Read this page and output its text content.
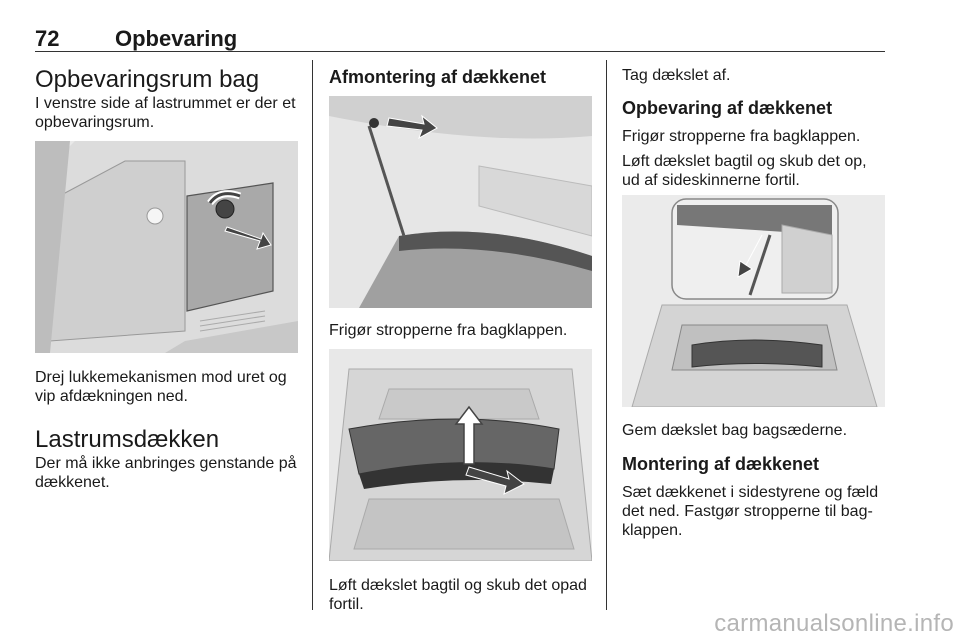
72	Opbevaring
Opbevaringsrum bag

I venstre side af lastrummet er der et opbevaringsrum.

Drej lukkemekanismen mod uret og vip afdækningen ned.

Lastrumsdækken

Der må ikke anbringes genstande på dækkenet.

Afmontering af dækkenet

Frigør stropperne fra bagklappen.

Løft dækslet bagtil og skub det opad fortil.

Tag dækslet af.

Opbevaring af dækkenet

Frigør stropperne fra bagklappen.

Løft dækslet bagtil og skub det op, ud af sideskinnerne fortil.

Gem dækslet bag bagsæderne.

Montering af dækkenet

Sæt dækkenet i sidestyrene og fæld det ned. Fastgør stropperne til bag-klappen.

carmanualsonline.info
